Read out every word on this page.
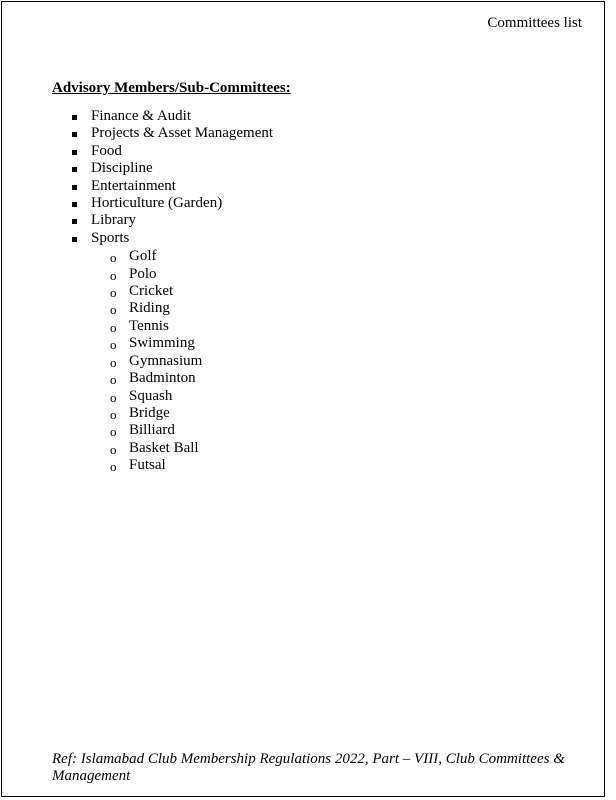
Committees list
Advisory Members/Sub-Committees:
Finance & Audit
Projects & Asset Management
Food
Discipline
Entertainment
Horticulture (Garden)
Library
Sports
o Golf
o Polo
o Cricket
o Riding
o Tennis
o Swimming
o Gymnasium
o Badminton
o Squash
o Bridge
o Billiard
o Basket Ball
o Futsal
Ref: Islamabad Club Membership Regulations 2022, Part – VIII, Club Committees & Management
